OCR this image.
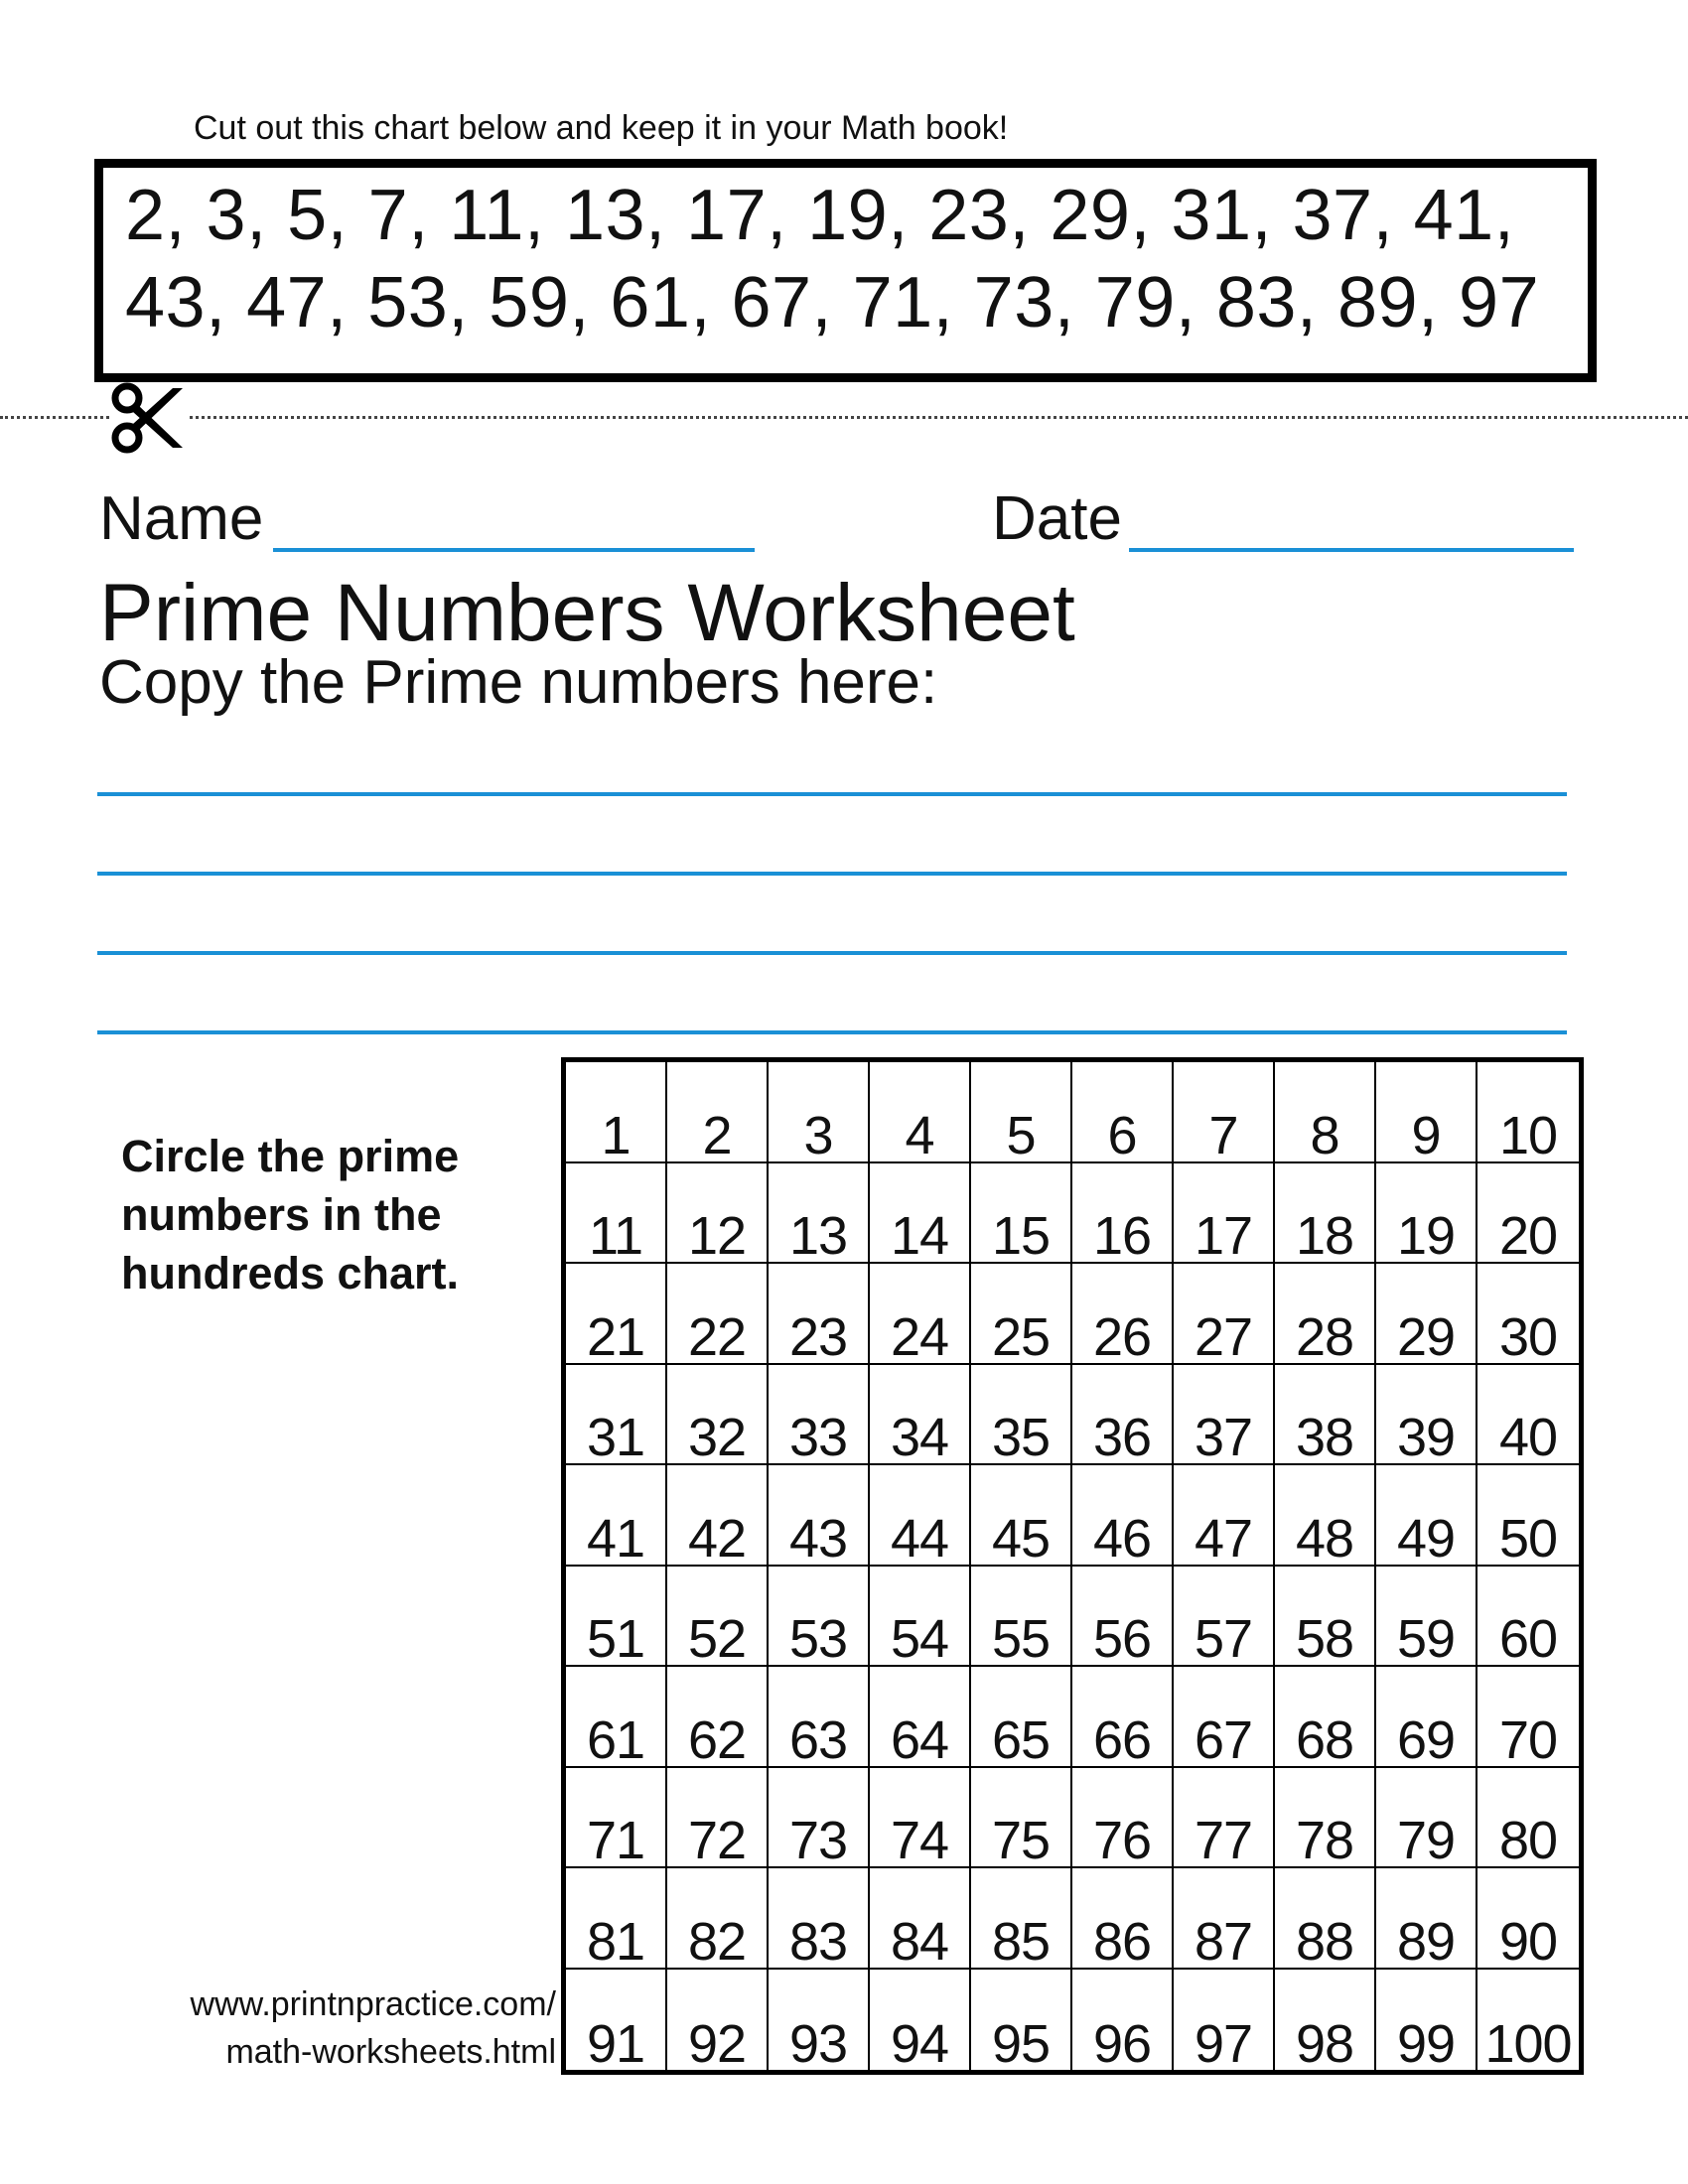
Cut out this chart below and keep it in your Math book!
2, 3, 5, 7, 11, 13, 17, 19, 23, 29, 31, 37, 41,
43, 47, 53, 59, 61, 67, 71, 73, 79, 83, 89, 97
Name	Date
Prime Numbers Worksheet
Copy the Prime numbers here:
Circle the prime numbers in the hundreds chart.
1	2	3	4	5	6	7	8	9	10
11 12 13 14 15 16 17 18 19 20
21 22 23 24 25 26 27 28 29 30
31 32 33 34 35 36 37 38 39 40
41 42 43 44 45 46 47 48 49 50
51 52 53 54 55 56 57 58 59 60
61 62 63 64 65 66 67 68 69 70
71 72 73 74 75 76 77 78 79 80
81 82 83 84 85 86 87 88 89 90
91 92 93 94 95 96 97 98 99 100
www.printnpractice.com/
math-worksheets.html
